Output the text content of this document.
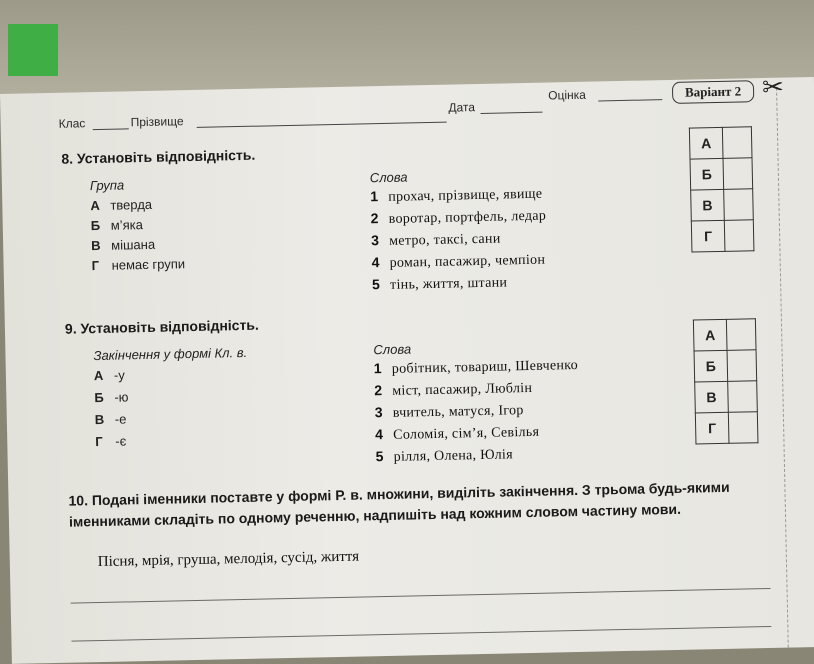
Клас	Прізвище
Дата
Оцінка	Варіант 2 ✂
8. Установіть відповідність.
Група
А тверда
Б м’яка
В мішана
Г немає групи
Слова
1 прохач, прізвище, явище
2 воротар, портфель, ледар
3 метро, таксі, сани
4 роман, пасажир, чемпіон
5 тінь, життя, штани
А	
Б	
В	
Г	
9. Установіть відповідність.
Закінчення у формі Кл. в.
А -у
Б -ю
В -е
Г -є
Слова
1 робітник, товариш, Шевченко
2 міст, пасажир, Люблін
3 вчитель, матуся, Ігор
4 Соломія, сім’я, Севілья
5 рілля, Олена, Юлія
А	
Б	
В	
Г	
10. Подані іменники поставте у формі Р. в. множини, виділіть закінчення. З трьома будь-якими іменниками складіть по одному реченню, надпишіть над кожним словом частину мови.
Пісня, мрія, груша, мелодія, сусід, життя
